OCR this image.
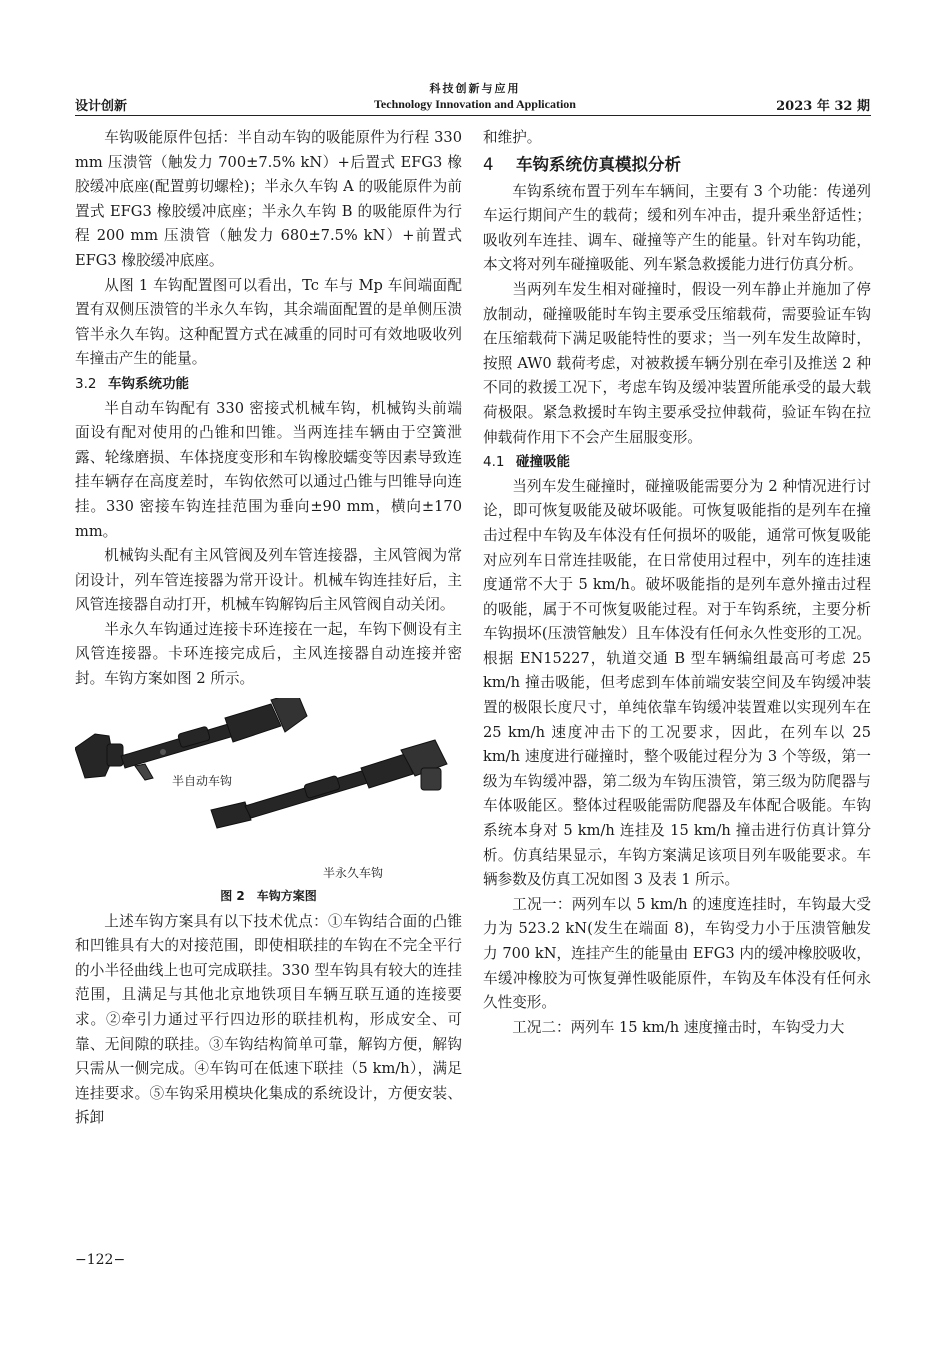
科技创新与应用
设计创新	Technology Innovation and Application	2023 年 32 期

车钩吸能原件包括：半自动车钩的吸能原件为行程 330 mm 压溃管（触发力 700±7.5% kN）+后置式 EFG3 橡胶缓冲底座(配置剪切螺栓)；半永久车钩 A 的吸能原件为前置式 EFG3 橡胶缓冲底座；半永久车钩 B 的吸能原件为行程 200 mm 压溃管（触发力 680±7.5% kN）+前置式 EFG3 橡胶缓冲底座。

从图 1 车钩配置图可以看出，Tc 车与 Mp 车间端面配置有双侧压溃管的半永久车钩，其余端面配置的是单侧压溃管半永久车钩。这种配置方式在减重的同时可有效地吸收列车撞击产生的能量。

3.2 车钩系统功能

半自动车钩配有 330 密接式机械车钩，机械钩头前端面设有配对使用的凸锥和凹锥。当两连挂车辆由于空簧泄露、轮缘磨损、车体挠度变形和车钩橡胶蠕变等因素导致连挂车辆存在高度差时，车钩依然可以通过凸锥与凹锥导向连挂。330 密接车钩连挂范围为垂向±90 mm，横向±170 mm。

机械钩头配有主风管阀及列车管连接器，主风管阀为常闭设计，列车管连接器为常开设计。机械车钩连挂好后，主风管连接器自动打开，机械车钩解钩后主风管阀自动关闭。

半永久车钩通过连接卡环连接在一起，车钩下侧设有主风管连接器。卡环连接完成后，主风连接器自动连接并密封。车钩方案如图 2 所示。

半自动车钩
半永久车钩
图 2　车钩方案图

上述车钩方案具有以下技术优点：①车钩结合面的凸锥和凹锥具有大的对接范围，即使相联挂的车钩在不完全平行的小半径曲线上也可完成联挂。330 型车钩具有较大的连挂范围，且满足与其他北京地铁项目车辆互联互通的连接要求。②牵引力通过平行四边形的联挂机构，形成安全、可靠、无间隙的联挂。③车钩结构简单可靠，解钩方便，解钩只需从一侧完成。④车钩可在低速下联挂（5 km/h），满足连挂要求。⑤车钩采用模块化集成的系统设计，方便安装、拆卸

和维护。

4 车钩系统仿真模拟分析

车钩系统布置于列车车辆间，主要有 3 个功能：传递列车运行期间产生的载荷；缓和列车冲击，提升乘坐舒适性；吸收列车连挂、调车、碰撞等产生的能量。针对车钩功能，本文将对列车碰撞吸能、列车紧急救援能力进行仿真分析。

当两列车发生相对碰撞时，假设一列车静止并施加了停放制动，碰撞吸能时车钩主要承受压缩载荷，需要验证车钩在压缩载荷下满足吸能特性的要求；当一列车发生故障时，按照 AW0 载荷考虑，对被救援车辆分别在牵引及推送 2 种不同的救援工况下，考虑车钩及缓冲装置所能承受的最大载荷极限。紧急救援时车钩主要承受拉伸载荷，验证车钩在拉伸载荷作用下不会产生屈服变形。

4.1 碰撞吸能

当列车发生碰撞时，碰撞吸能需要分为 2 种情况进行讨论，即可恢复吸能及破坏吸能。可恢复吸能指的是列车在撞击过程中车钩及车体没有任何损坏的吸能，通常可恢复吸能对应列车日常连挂吸能，在日常使用过程中，列车的连挂速度通常不大于 5 km/h。破坏吸能指的是列车意外撞击过程的吸能，属于不可恢复吸能过程。对于车钩系统，主要分析车钩损坏(压溃管触发）且车体没有任何永久性变形的工况。根据 EN15227，轨道交通 B 型车辆编组最高可考虑 25 km/h 撞击吸能，但考虑到车体前端安装空间及车钩缓冲装置的极限长度尺寸，单纯依靠车钩缓冲装置难以实现列车在 25 km/h 速度冲击下的工况要求，因此，在列车以 25 km/h 速度进行碰撞时，整个吸能过程分为 3 个等级，第一级为车钩缓冲器，第二级为车钩压溃管，第三级为防爬器与车体吸能区。整体过程吸能需防爬器及车体配合吸能。车钩系统本身对 5 km/h 连挂及 15 km/h 撞击进行仿真计算分析。仿真结果显示，车钩方案满足该项目列车吸能要求。车辆参数及仿真工况如图 3 及表 1 所示。

工况一：两列车以 5 km/h 的速度连挂时，车钩最大受力为 523.2 kN(发生在端面 8)，车钩受力小于压溃管触发力 700 kN，连挂产生的能量由 EFG3 内的缓冲橡胶吸收，车缓冲橡胶为可恢复弹性吸能原件，车钩及车体没有任何永久性变形。

工况二：两列车 15 km/h 速度撞击时，车钩受力大

−122−
